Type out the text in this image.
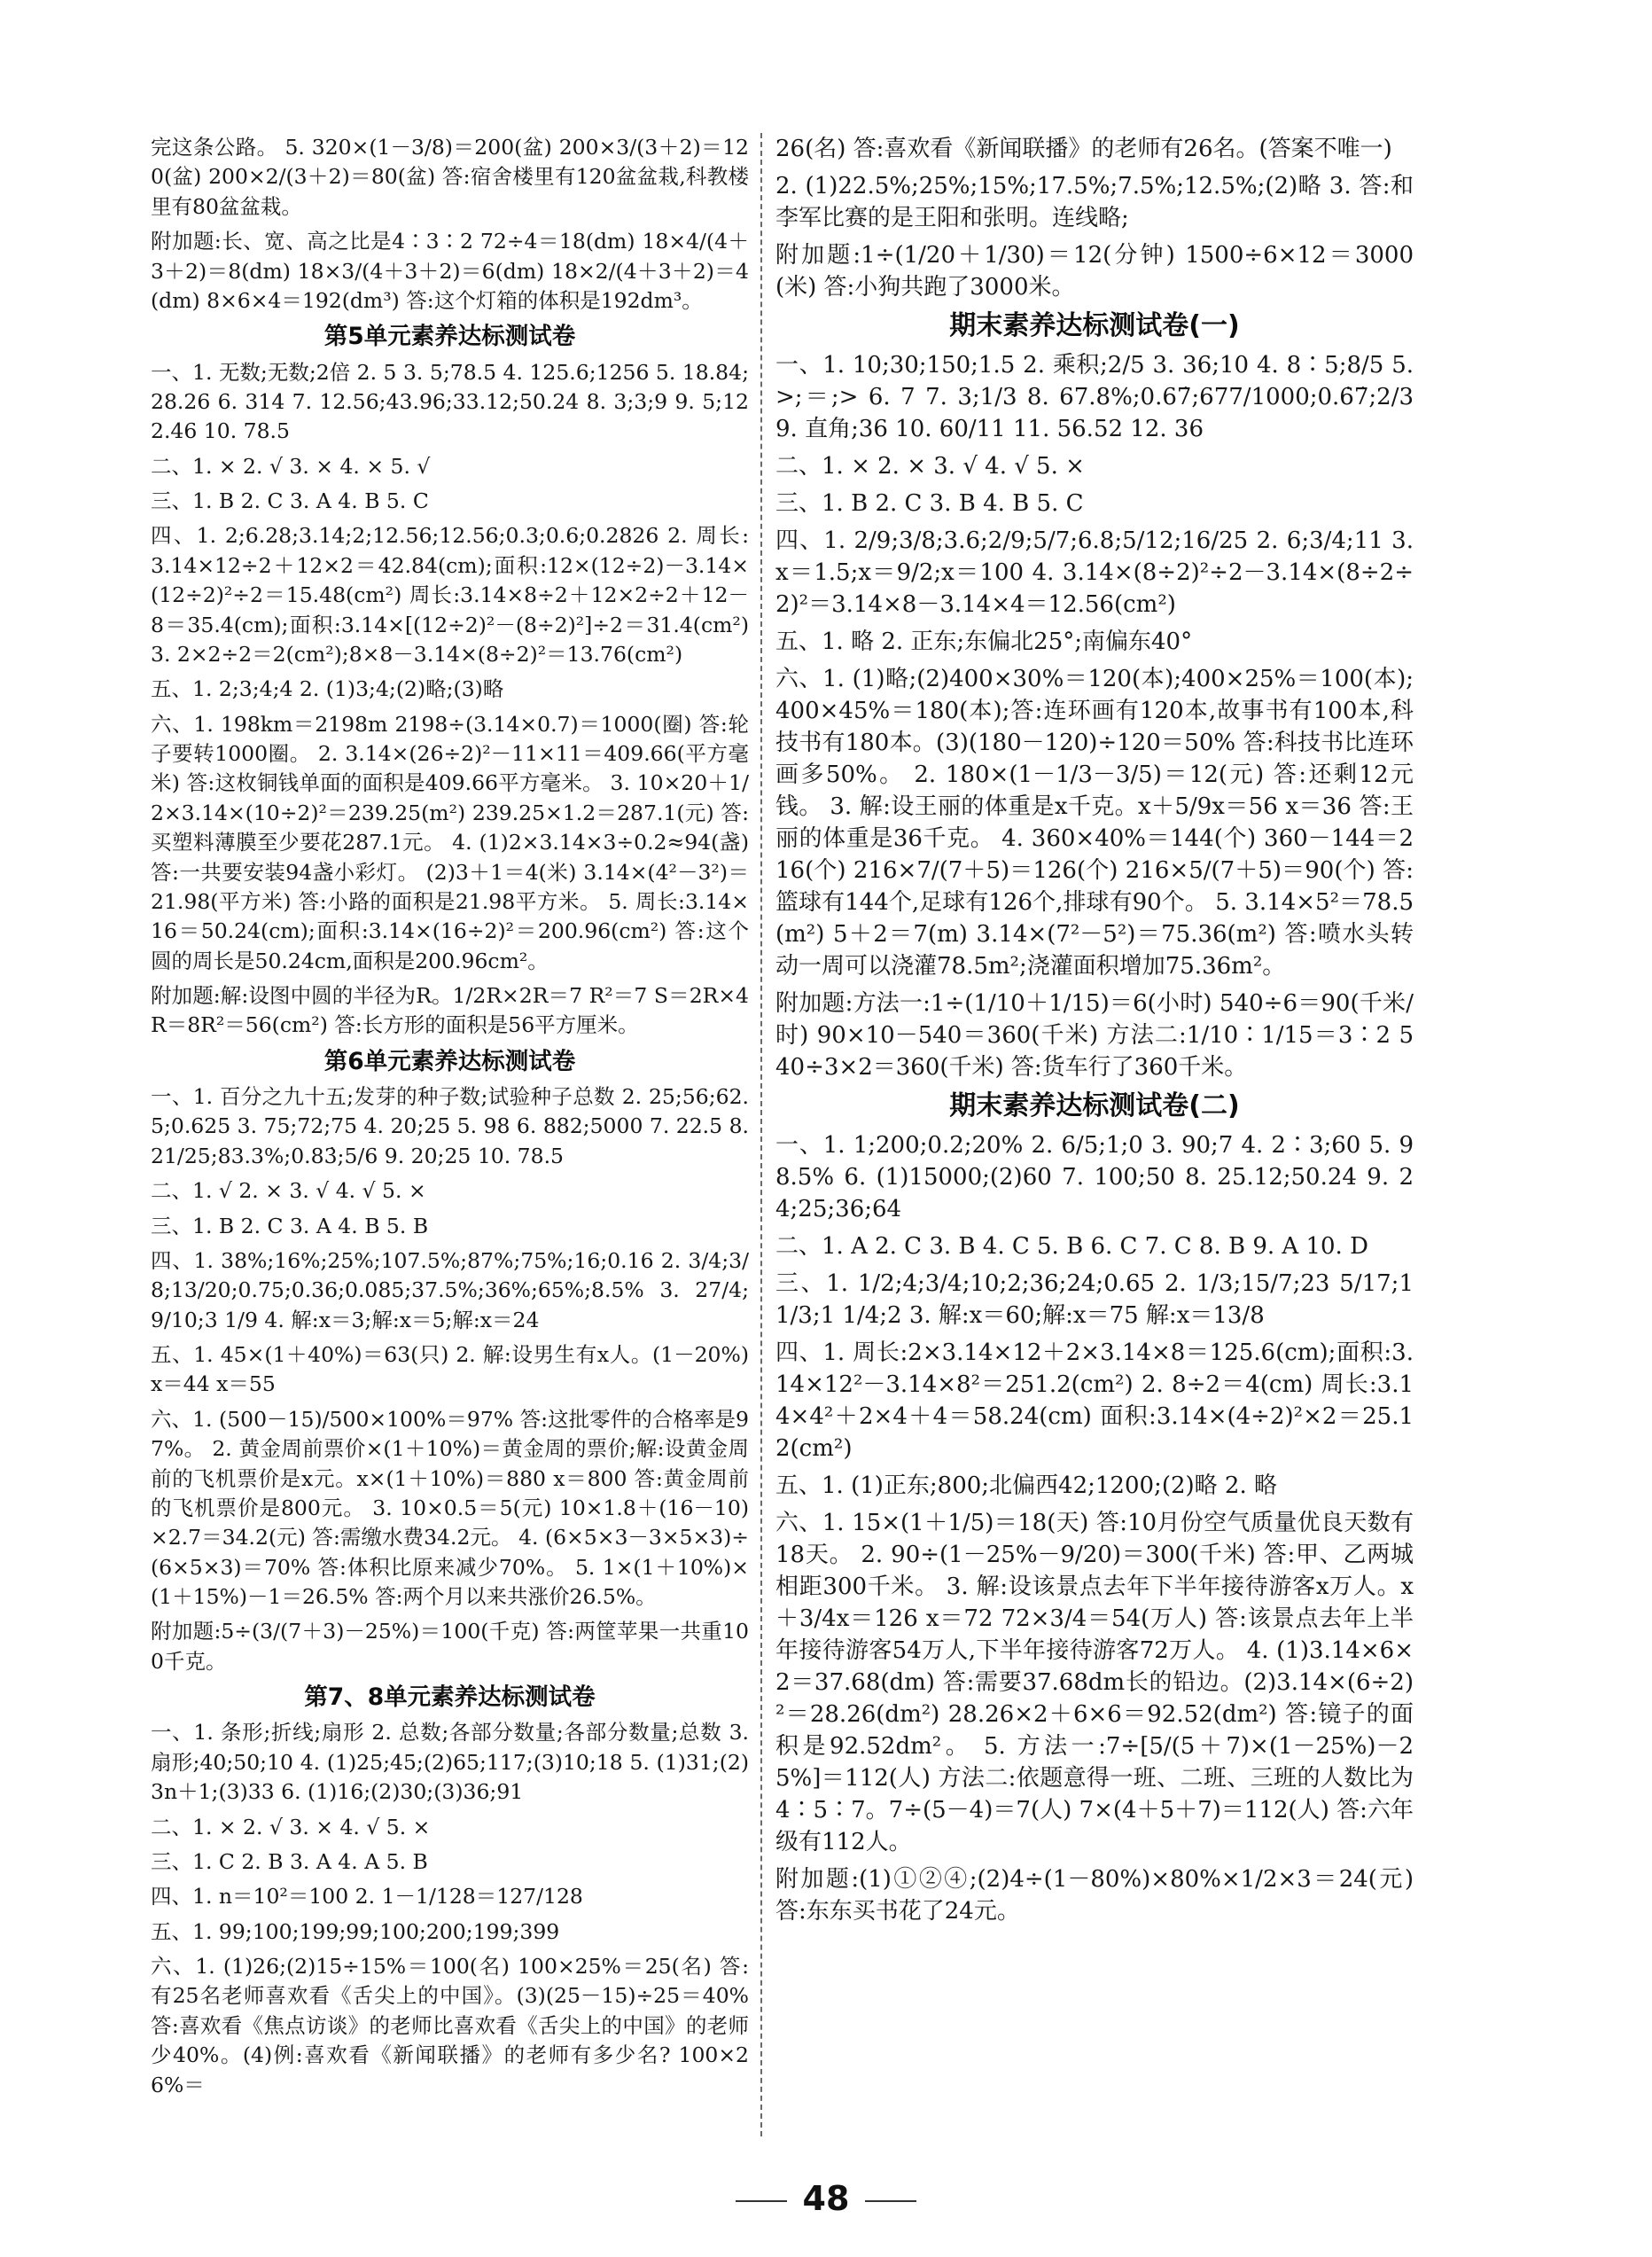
完这条公路。 5. 320×(1－3/8)＝200(盆) 200×3/(3＋2)＝120(盆) 200×2/(3＋2)＝80(盆) 答:宿舍楼里有120盆盆栽,科教楼里有80盆盆栽。
附加题:长、宽、高之比是4∶3∶2 72÷4＝18(dm) 18×4/(4＋3＋2)＝8(dm) 18×3/(4＋3＋2)＝6(dm) 18×2/(4＋3＋2)＝4(dm) 8×6×4＝192(dm³) 答:这个灯箱的体积是192dm³。
第5单元素养达标测试卷
一、1. 无数;无数;2倍 2. 5 3. 5;78.5 4. 125.6;1256 5. 18.84;28.26 6. 314 7. 12.56;43.96;33.12;50.24 8. 3;3;9 9. 5;122.46 10. 78.5
二、1. × 2. √ 3. × 4. × 5. √
三、1. B 2. C 3. A 4. B 5. C
四、1. 2;6.28;3.14;2;12.56;12.56;0.3;0.6;0.2826 2. 周长:3.14×12÷2＋12×2＝42.84(cm);面积:12×(12÷2)－3.14×(12÷2)²÷2＝15.48(cm²) 周长:3.14×8÷2＋12×2÷2＋12－8＝35.4(cm);面积:3.14×[(12÷2)²－(8÷2)²]÷2＝31.4(cm²) 3. 2×2÷2＝2(cm²);8×8－3.14×(8÷2)²＝13.76(cm²)
五、1. 2;3;4;4 2. (1)3;4;(2)略;(3)略
六、1. 198km＝2198m 2198÷(3.14×0.7)＝1000(圈) 答:轮子要转1000圈。 2. 3.14×(26÷2)²－11×11＝409.66(平方毫米) 答:这枚铜钱单面的面积是409.66平方毫米。 3. 10×20＋1/2×3.14×(10÷2)²＝239.25(m²) 239.25×1.2＝287.1(元) 答:买塑料薄膜至少要花287.1元。 4. (1)2×3.14×3÷0.2≈94(盏) 答:一共要安装94盏小彩灯。 (2)3＋1＝4(米) 3.14×(4²－3²)＝21.98(平方米) 答:小路的面积是21.98平方米。 5. 周长:3.14×16＝50.24(cm);面积:3.14×(16÷2)²＝200.96(cm²) 答:这个圆的周长是50.24cm,面积是200.96cm²。
附加题:解:设图中圆的半径为R。1/2R×2R＝7 R²＝7 S＝2R×4R＝8R²＝56(cm²) 答:长方形的面积是56平方厘米。
第6单元素养达标测试卷
一、1. 百分之九十五;发芽的种子数;试验种子总数 2. 25;56;62.5;0.625 3. 75;72;75 4. 20;25 5. 98 6. 882;5000 7. 22.5 8. 21/25;83.3%;0.83̇;5/6 9. 20;25 10. 78.5
二、1. √ 2. × 3. √ 4. √ 5. ×
三、1. B 2. C 3. A 4. B 5. B
四、1. 38%;16%;25%;107.5%;87%;75%;16;0.16 2. 3/4;3/8;13/20;0.75;0.36;0.085;37.5%;36%;65%;8.5% 3. 27/4;9/10;3 1/9 4. 解:x＝3;解:x＝5;解:x＝24
五、1. 45×(1＋40%)＝63(只) 2. 解:设男生有x人。(1－20%)x＝44 x＝55
六、1. (500－15)/500×100%＝97% 答:这批零件的合格率是97%。 2. 黄金周前票价×(1＋10%)＝黄金周的票价;解:设黄金周前的飞机票价是x元。x×(1＋10%)＝880 x＝800 答:黄金周前的飞机票价是800元。 3. 10×0.5＝5(元) 10×1.8＋(16－10)×2.7＝34.2(元) 答:需缴水费34.2元。 4. (6×5×3－3×5×3)÷(6×5×3)＝70% 答:体积比原来减少70%。 5. 1×(1＋10%)×(1＋15%)－1＝26.5% 答:两个月以来共涨价26.5%。
附加题:5÷(3/(7＋3)－25%)＝100(千克) 答:两筐苹果一共重100千克。
第7、8单元素养达标测试卷
一、1. 条形;折线;扇形 2. 总数;各部分数量;各部分数量;总数 3. 扇形;40;50;10 4. (1)25;45;(2)65;117;(3)10;18 5. (1)31;(2)3n＋1;(3)33 6. (1)16;(2)30;(3)36;91
二、1. × 2. √ 3. × 4. √ 5. ×
三、1. C 2. B 3. A 4. A 5. B
四、1. n＝10²＝100 2. 1－1/128＝127/128
五、1. 99;100;199;99;100;200;199;399
六、1. (1)26;(2)15÷15%＝100(名) 100×25%＝25(名) 答:有25名老师喜欢看《舌尖上的中国》。(3)(25－15)÷25＝40% 答:喜欢看《焦点访谈》的老师比喜欢看《舌尖上的中国》的老师少40%。(4)例:喜欢看《新闻联播》的老师有多少名? 100×26%＝
26(名) 答:喜欢看《新闻联播》的老师有26名。(答案不唯一)
2. (1)22.5%;25%;15%;17.5%;7.5%;12.5%;(2)略 3. 答:和李军比赛的是王阳和张明。连线略;
附加题:1÷(1/20＋1/30)＝12(分钟) 1500÷6×12＝3000(米) 答:小狗共跑了3000米。
期末素养达标测试卷(一)
一、1. 10;30;150;1.5 2. 乘积;2/5 3. 36;10 4. 8∶5;8/5 5. >;＝;> 6. 7 7. 3;1/3 8. 67.8%;0.67̇;677/1000;0.6̇7̇;2/3 9. 直角;36 10. 60/11 11. 56.52 12. 36
二、1. × 2. × 3. √ 4. √ 5. ×
三、1. B 2. C 3. B 4. B 5. C
四、1. 2/9;3/8;3.6;2/9;5/7;6.8;5/12;16/25 2. 6;3/4;11 3. x＝1.5;x＝9/2;x＝100 4. 3.14×(8÷2)²÷2－3.14×(8÷2÷2)²＝3.14×8－3.14×4＝12.56(cm²)
五、1. 略 2. 正东;东偏北25°;南偏东40°
六、1. (1)略;(2)400×30%＝120(本);400×25%＝100(本);400×45%＝180(本);答:连环画有120本,故事书有100本,科技书有180本。(3)(180－120)÷120＝50% 答:科技书比连环画多50%。 2. 180×(1－1/3－3/5)＝12(元) 答:还剩12元钱。 3. 解:设王丽的体重是x千克。x＋5/9x＝56 x＝36 答:王丽的体重是36千克。 4. 360×40%＝144(个) 360－144＝216(个) 216×7/(7＋5)＝126(个) 216×5/(7＋5)＝90(个) 答:篮球有144个,足球有126个,排球有90个。 5. 3.14×5²＝78.5(m²) 5＋2＝7(m) 3.14×(7²－5²)＝75.36(m²) 答:喷水头转动一周可以浇灌78.5m²;浇灌面积增加75.36m²。
附加题:方法一:1÷(1/10＋1/15)＝6(小时) 540÷6＝90(千米/时) 90×10－540＝360(千米) 方法二:1/10∶1/15＝3∶2 540÷3×2＝360(千米) 答:货车行了360千米。
期末素养达标测试卷(二)
一、1. 1;200;0.2;20% 2. 6/5;1;0 3. 90;7 4. 2∶3;60 5. 98.5% 6. (1)15000;(2)60 7. 100;50 8. 25.12;50.24 9. 24;25;36;64
二、1. A 2. C 3. B 4. C 5. B 6. C 7. C 8. B 9. A 10. D
三、1. 1/2;4;3/4;10;2;36;24;0.65 2. 1/3;15/7;23 5/17;1 1/3;1 1/4;2 3. 解:x＝60;解:x＝75 解:x＝13/8
四、1. 周长:2×3.14×12＋2×3.14×8＝125.6(cm);面积:3.14×12²－3.14×8²＝251.2(cm²) 2. 8÷2＝4(cm) 周长:3.14×4²＋2×4＋4＝58.24(cm) 面积:3.14×(4÷2)²×2＝25.12(cm²)
五、1. (1)正东;800;北偏西42;1200;(2)略 2. 略
六、1. 15×(1＋1/5)＝18(天) 答:10月份空气质量优良天数有18天。 2. 90÷(1－25%－9/20)＝300(千米) 答:甲、乙两城相距300千米。 3. 解:设该景点去年下半年接待游客x万人。x＋3/4x＝126 x＝72 72×3/4＝54(万人) 答:该景点去年上半年接待游客54万人,下半年接待游客72万人。 4. (1)3.14×6×2＝37.68(dm) 答:需要37.68dm长的铅边。(2)3.14×(6÷2)²＝28.26(dm²) 28.26×2＋6×6＝92.52(dm²) 答:镜子的面积是92.52dm²。 5. 方法一:7÷[5/(5＋7)×(1－25%)－25%]＝112(人) 方法二:依题意得一班、二班、三班的人数比为4∶5∶7。7÷(5－4)＝7(人) 7×(4＋5＋7)＝112(人) 答:六年级有112人。
附加题:(1)①②④;(2)4÷(1－80%)×80%×1/2×3＝24(元) 答:东东买书花了24元。
48
